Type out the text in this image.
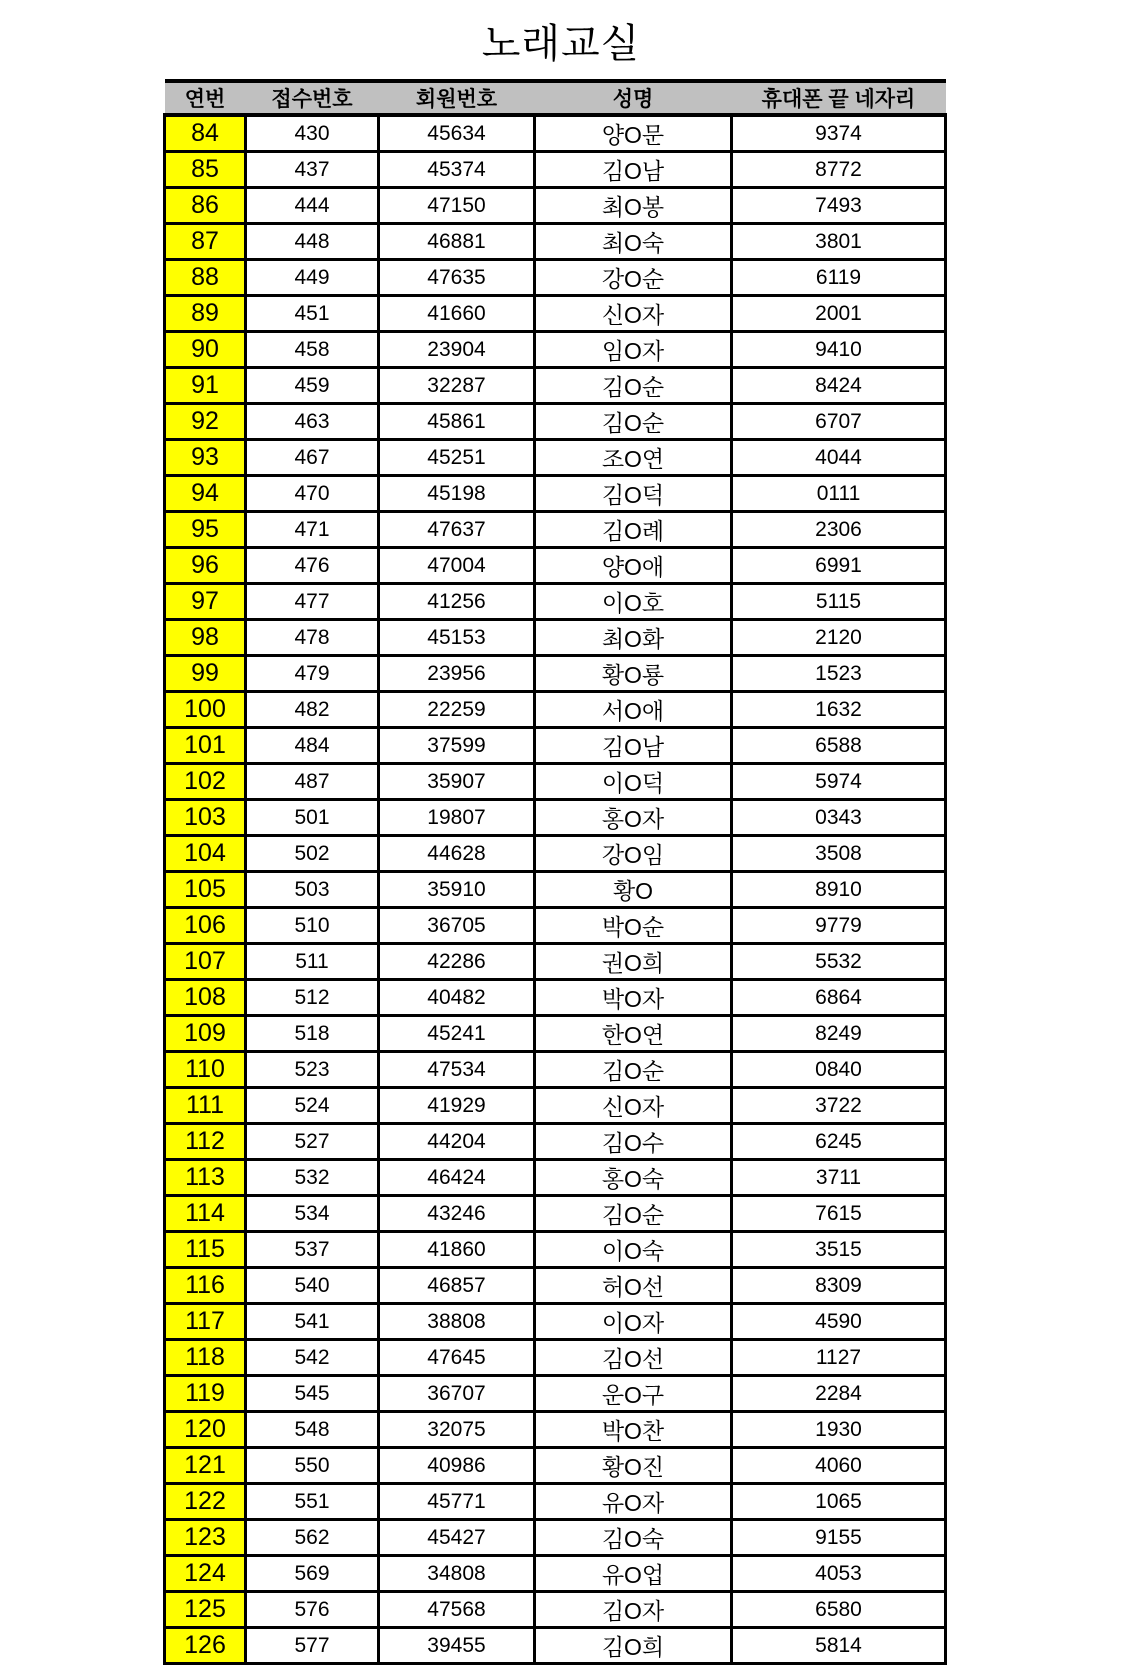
노래교실
연번	접수번호	회원번호	성명	휴대폰 끝 네자리
84	430	45634	양O문	9374
85	437	45374	김O남	8772
86	444	47150	최O봉	7493
87	448	46881	최O숙	3801
88	449	47635	강O순	6119
89	451	41660	신O자	2001
90	458	23904	임O자	9410
91	459	32287	김O순	8424
92	463	45861	김O순	6707
93	467	45251	조O연	4044
94	470	45198	김O덕	0111
95	471	47637	김O례	2306
96	476	47004	양O애	6991
97	477	41256	이O호	5115
98	478	45153	최O화	2120
99	479	23956	황O룡	1523
100	482	22259	서O애	1632
101	484	37599	김O남	6588
102	487	35907	이O덕	5974
103	501	19807	홍O자	0343
104	502	44628	강O임	3508
105	503	35910	황O	8910
106	510	36705	박O순	9779
107	511	42286	권O희	5532
108	512	40482	박O자	6864
109	518	45241	한O연	8249
110	523	47534	김O순	0840
111	524	41929	신O자	3722
112	527	44204	김O수	6245
113	532	46424	홍O숙	3711
114	534	43246	김O순	7615
115	537	41860	이O숙	3515
116	540	46857	허O선	8309
117	541	38808	이O자	4590
118	542	47645	김O선	1127
119	545	36707	운O구	2284
120	548	32075	박O찬	1930
121	550	40986	황O진	4060
122	551	45771	유O자	1065
123	562	45427	김O숙	9155
124	569	34808	유O업	4053
125	576	47568	김O자	6580
126	577	39455	김O희	5814
